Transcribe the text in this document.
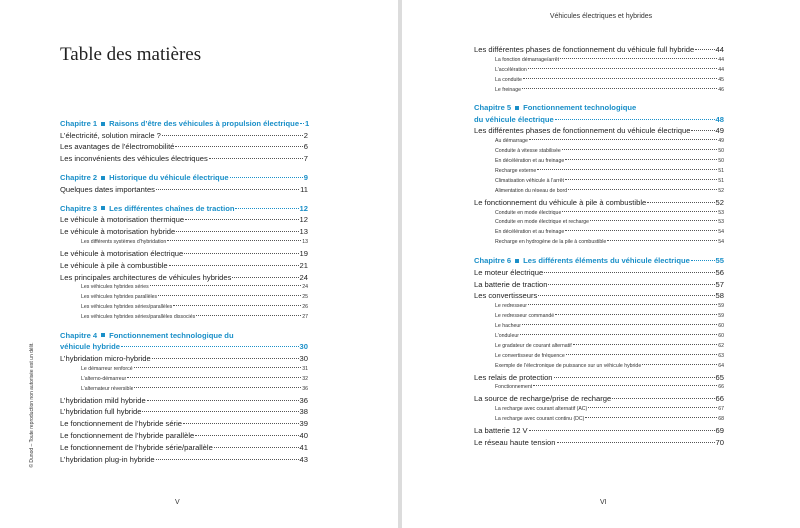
Table des matières
Chapitre 1 Raisons d’être des véhicules à propulsion électrique 1
L’électricité, solution miracle ?	2
Les avantages de l’électromobilité	6
Les inconvénients des véhicules électriques	7
Chapitre 2 Historique du véhicule électrique	9
Quelques dates importantes	11
Chapitre 3 Les différentes chaînes de traction	12
Le véhicule à motorisation thermique	12
Le véhicule à motorisation hybride	13
Les différents systèmes d’hybridation	13
Le véhicule à motorisation électrique	19
Le véhicule à pile à combustible	21
Les principales architectures de véhicules hybrides	24
Les véhicules hybrides séries	24
Les véhicules hybrides parallèles	25
Les véhicules hybrides séries/parallèles	26
Les véhicules hybrides séries/parallèles dissociés	27
Chapitre 4 Fonctionnement technologique du
véhicule hybride	30
L’hybridation micro-hybride	30
Le démarreur renforcé	31
L’alterno-démarreur	32
L’alternateur réversible	36
L’hybridation mild hybride	36
L’hybridation full hybride	38
Le fonctionnement de l’hybride série	39
Le fonctionnement de l’hybride parallèle	40
Le fonctionnement de l’hybride série/parallèle	41
L’hybridation plug-in hybride	43
© Dunod – Toute reproduction non autorisée est un délit.
V
Véhicules électriques et hybrides
Les différentes phases de fonctionnement du véhicule full hybride	44
La fonction démarrage/arrêt	44
L’accélération	44
La conduite	45
Le freinage	46
Chapitre 5 Fonctionnement technologique
du véhicule électrique	48
Les différentes phases de fonctionnement du véhicule électrique	49
Au démarrage	49
Conduite à vitesse stabilisée	50
En décélération et au freinage	50
Recharge externe	51
Climatisation véhicule à l’arrêt	51
Alimentation du réseau de bord	52
Le fonctionnement du véhicule à pile à combustible	52
Conduite en mode électrique	53
Conduite en mode électrique et recharge	53
En décélération et au freinage	54
Recharge en hydrogène de la pile à combustible	54
Chapitre 6 Les différents éléments du véhicule électrique	55
Le moteur électrique	56
La batterie de traction	57
Les convertisseurs	58
Le redresseur	59
Le redresseur commandé	59
Le hacheur	60
L’onduleur	60
Le gradateur de courant alternatif	62
Le convertisseur de fréquence	63
Exemple de l’électronique de puissance sur un véhicule hybride	64
Les relais de protection	65
Fonctionnement	66
La source de recharge/prise de recharge	66
La recharge avec courant alternatif (AC)	67
La recharge avec courant continu (DC)	68
La batterie 12 V	69
Le réseau haute tension	70
VI
